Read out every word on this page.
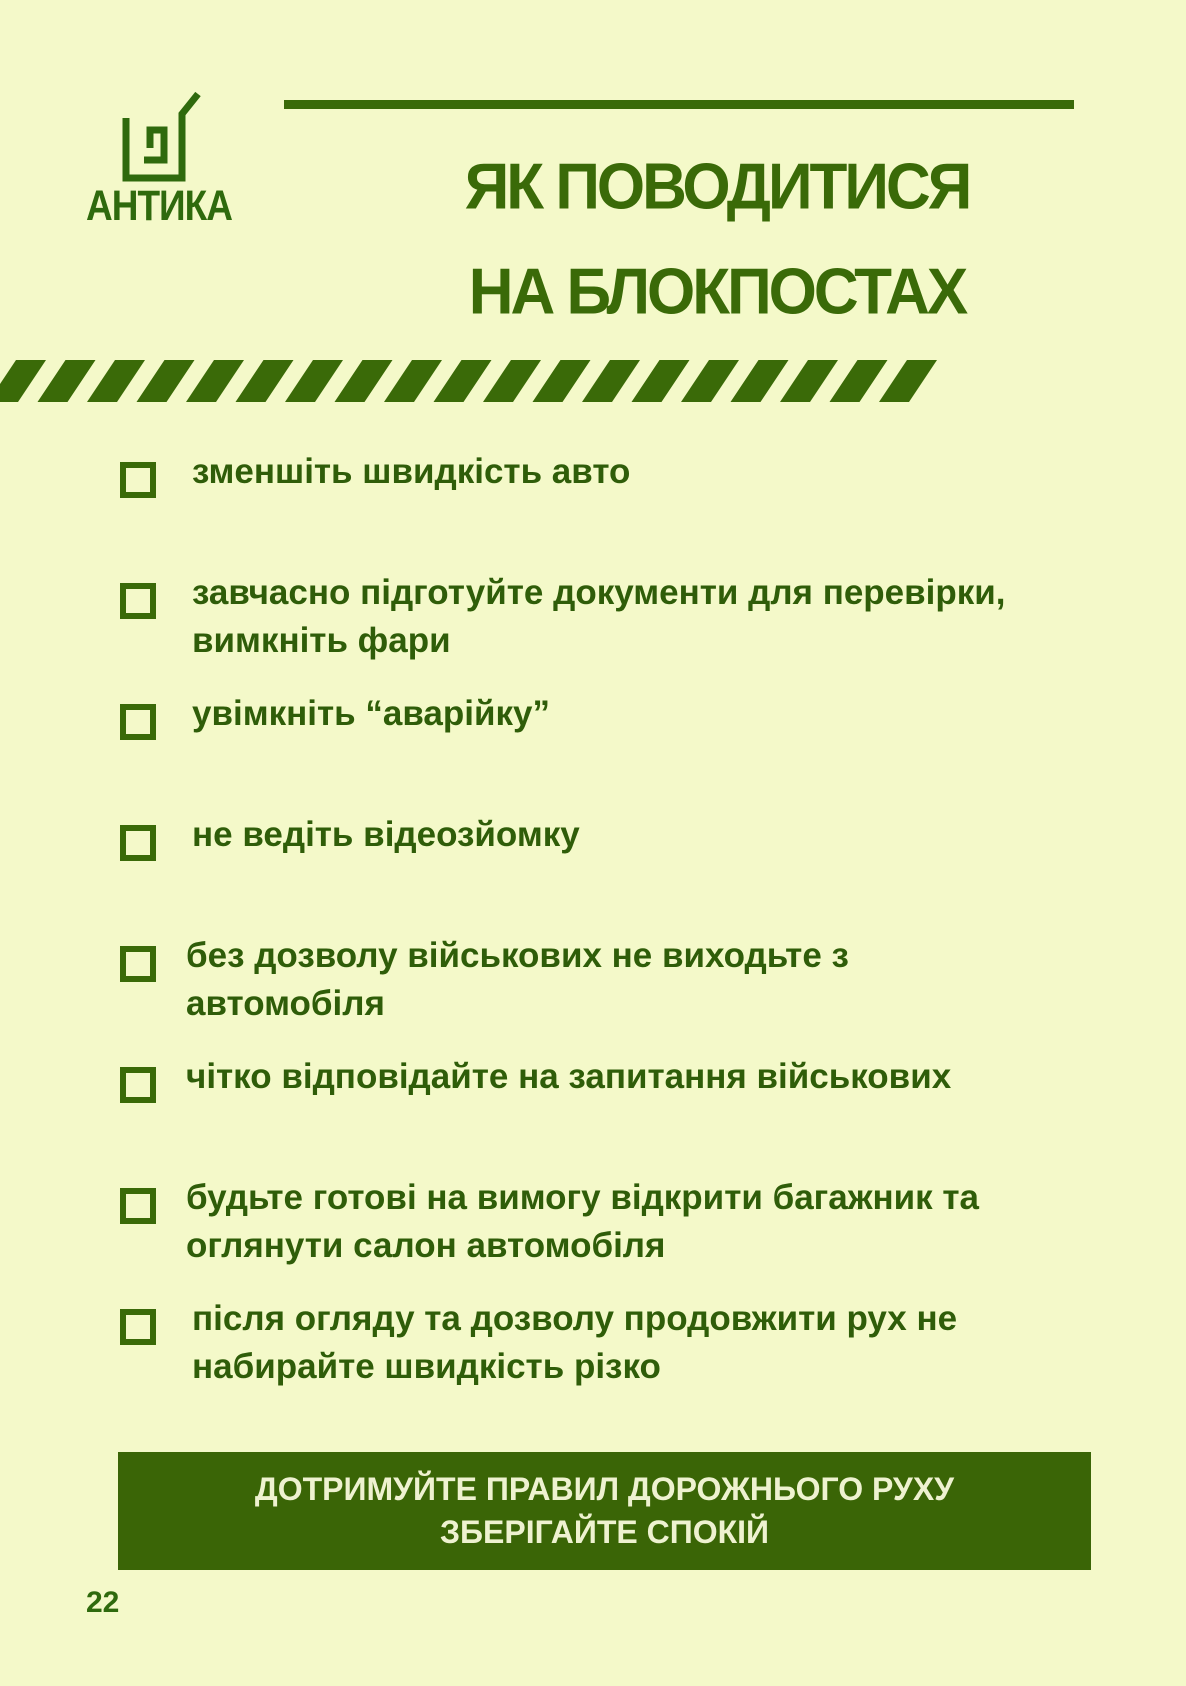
АНТИКА	ЯК ПОВОДИТИСЯ
НА БЛОКПОСТАХ
зменшіть швидкість авто
завчасно підготуйте документи для перевірки, вимкніть фари
увімкніть “аварійку”
не ведіть відеозйомку
без дозволу військових не виходьте з автомобіля
чітко відповідайте на запитання військових
будьте готові на вимогу відкрити багажник та оглянути салон автомобіля
після огляду та дозволу продовжити рух не набирайте швидкість різко
ДОТРИМУЙТЕ ПРАВИЛ ДОРОЖНЬОГО РУХУ
ЗБЕРІГАЙТЕ СПОКІЙ
22
